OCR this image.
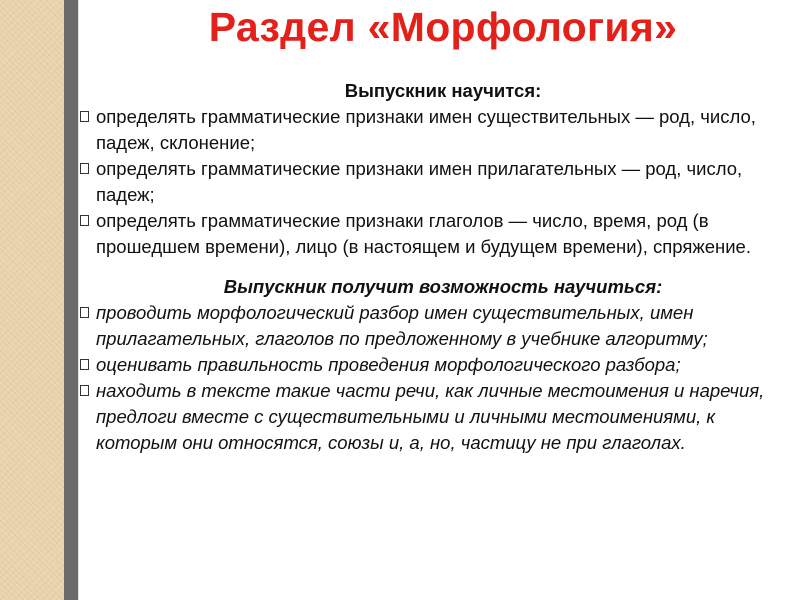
Раздел «Морфология»

Выпускник научится:

определять грамматические признаки имен существительных — род, число, падеж, склонение;
определять грамматические признаки имен прилагательных — род, число, падеж;
определять грамматические признаки глаголов — число, время, род (в прошедшем времени), лицо (в настоящем и будущем времени), спряжение.

Выпускник получит возможность научиться:

проводить морфологический разбор имен существительных, имен прилагательных, глаголов по предложенному в учебнике алгоритму;
оценивать правильность проведения морфологического разбора;
находить в тексте такие части речи, как личные местоимения и наречия, предлоги вместе с существительными и личными местоимениями, к которым они относятся, союзы и, а, но, частицу не при глаголах.
